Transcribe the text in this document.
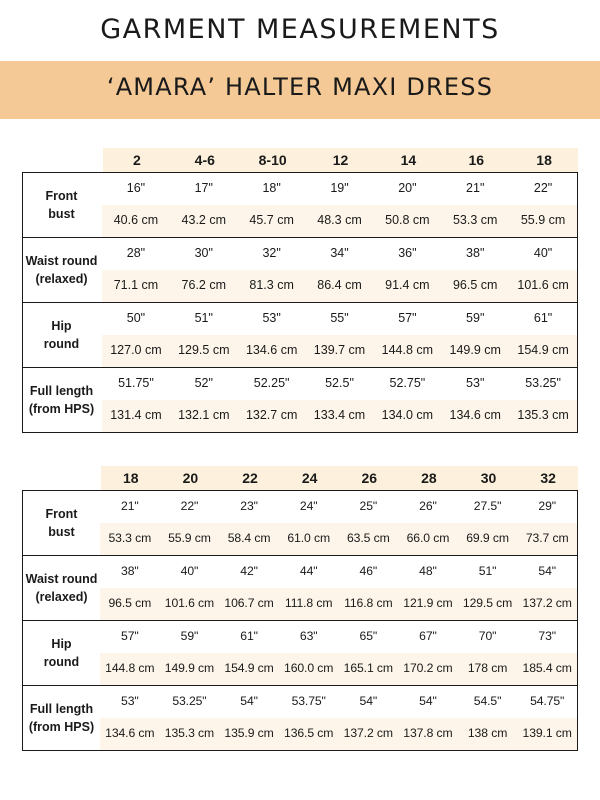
GARMENT MEASUREMENTS
‘AMARA’ HALTER MAXI DRESS
2	4-6	8-10	12	14	16	18
Front
bust
16"	17"	18"	19"	20"	21"	22"
40.6 cm	43.2 cm	45.7 cm	48.3 cm	50.8 cm	53.3 cm	55.9 cm
Waist round
(relaxed)
28"	30"	32"	34"	36"	38"	40"
71.1 cm	76.2 cm	81.3 cm	86.4 cm	91.4 cm	96.5 cm	101.6 cm
Hip
round
50"	51"	53"	55"	57"	59"	61"
127.0 cm	129.5 cm	134.6 cm	139.7 cm	144.8 cm	149.9 cm	154.9 cm
Full length
(from HPS)
51.75"	52"	52.25"	52.5"	52.75"	53"	53.25"
131.4 cm	132.1 cm	132.7 cm	133.4 cm	134.0 cm	134.6 cm	135.3 cm
18	20	22	24	26	28	30	32
Front
bust
21"	22"	23"	24"	25"	26"	27.5"	29"
53.3 cm	55.9 cm	58.4 cm	61.0 cm	63.5 cm	66.0 cm	69.9 cm	73.7 cm
Waist round
(relaxed)
38"	40"	42"	44"	46"	48"	51"	54"
96.5 cm	101.6 cm 106.7 cm 111.8 cm 116.8 cm 121.9 cm 129.5 cm 137.2 cm
Hip
round
57"	59"	61"	63"	65"	67"	70"	73"
144.8 cm 149.9 cm 154.9 cm 160.0 cm 165.1 cm 170.2 cm	178 cm	185.4 cm
Full length
(from HPS)
53"	53.25"	54"	53.75"	54"	54"	54.5"	54.75"
134.6 cm 135.3 cm 135.9 cm 136.5 cm 137.2 cm 137.8 cm	138 cm	139.1 cm
